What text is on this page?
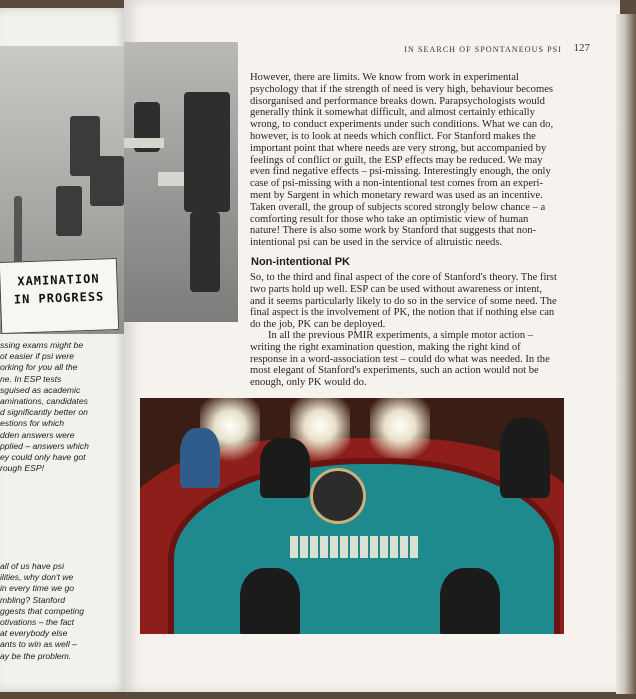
XAMINATION
IN PROGRESS
ssing exams might be
ot easier if psi were
orking for you all the
ne. In ESP tests
sguised as academic
aminations, candidates
d significantly better on
estions for which
dden answers were
pplied – answers which
ey could only have got
rough ESP!
all of us have psi
ilities, why don't we
in every time we go
mbling? Stanford
ggests that competing
otivations – the fact
at everybody else
ants to win as well –
ay be the problem.
IN SEARCH OF SPONTANEOUS PSI	127
However, there are limits. We know from work in experimental
psychology that if the strength of need is very high, behaviour becomes
disorganised and performance breaks down. Parapsychologists would
generally think it somewhat difficult, and almost certainly ethically
wrong, to conduct experiments under such conditions. What we can do,
however, is to look at needs which conflict. For Stanford makes the
important point that where needs are very strong, but accompanied by
feelings of conflict or guilt, the ESP effects may be reduced. We may
even find negative effects – psi-missing. Interestingly enough, the only
case of psi-missing with a non-intentional test comes from an experi-
ment by Sargent in which monetary reward was used as an incentive.
Taken overall, the group of subjects scored strongly below chance – a
comforting result for those who take an optimistic view of human
nature! There is also some work by Stanford that suggests that non-
intentional psi can be used in the service of altruistic needs.
Non-intentional PK
So, to the third and final aspect of the core of Stanford's theory. The first
two parts hold up well. ESP can be used without awareness or intent,
and it seems particularly likely to do so in the service of some need. The
final aspect is the involvement of PK, the notion that if nothing else can
do the job, PK can be deployed.
In all the previous PMIR experiments, a simple motor action –
writing the right examination question, making the right kind of
response in a word-association test – could do what was needed. In the
most elegant of Stanford's experiments, such an action would not be
enough, only PK would do.
